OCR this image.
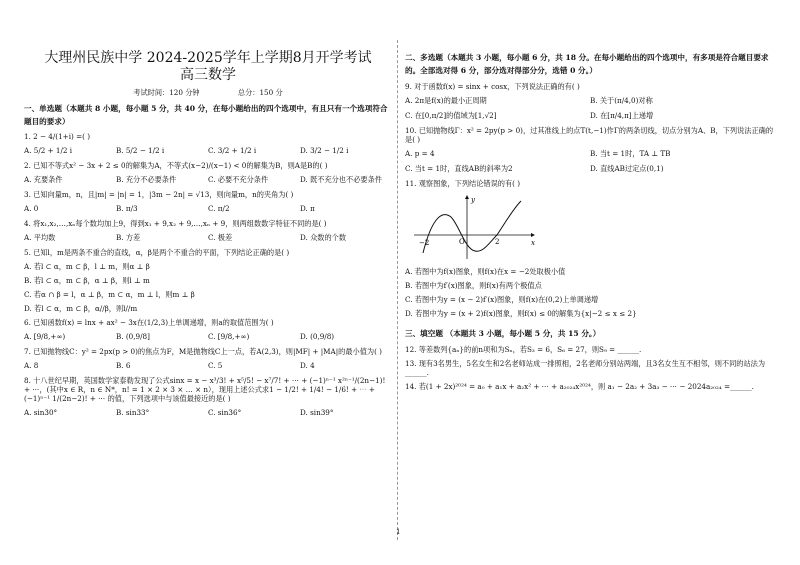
大理州民族中学 2024-2025学年上学期8月开学考试
高三数学
考试时间：120 分钟	总分：150 分
一、单选题（本题共 8 小题，每小题 5 分，共 40 分，在每小题给出的四个选项中，有且只有一个选项符合题目的要求）
1. 2 − 4/(1+i) =( )
A. 5/2 + 1/2 i	B. 5/2 − 1/2 i	C. 3/2 + 1/2 i	D. 3/2 − 1/2 i
2. 已知不等式x² − 3x + 2 ≤ 0的解集为A，不等式(x−2)/(x−1) < 0的解集为B，则A是B的( )
A. 充要条件	B. 充分不必要条件	C. 必要不充分条件	D. 既不充分也不必要条件
3. 已知向量m，n，且|m| = |n| = 1，|3m − 2n| = √13，则向量m，n的夹角为( )
A. 0	B. π/3	C. π/2	D. π
4. 将x₁,x₂,…,xₙ每个数均加上9，得到x₁ + 9,x₂ + 9,…,xₙ + 9，则两组数数字特征不同的是( )
A. 平均数	B. 方差	C. 极差	D. 众数的个数
5. 已知l，m是两条不重合的直线，α，β是两个不重合的平面，下列结论正确的是( )
A. 若l ⊂ α，m ⊂ β，l ⊥ m，则α ⊥ β
B. 若l ⊂ α，m ⊂ β，α ⊥ β，则l ⊥ m
C. 若α ∩ β = l，α ⊥ β，m ⊂ α，m ⊥ l，则m ⊥ β
D. 若l ⊂ α，m ⊂ β，α//β，则l//m
6. 已知函数f(x) = lnx + ax² − 3x在(1/2,3)上单调递增，则a的取值范围为( )
A. [9/8,+∞)	B. (0,9/8]	C. [9/8,+∞)	D. (0,9/8)
7. 已知抛物线C：y² = 2px(p > 0)的焦点为F，M是抛物线C上一点，若A(2,3)，则|MF| + |MA|的最小值为( )
A. 8	B. 6	C. 5	D. 4
8. 十八世纪早期，英国数学家泰勒发现了公式sinx = x − x³/3! + x⁵/5! − x⁷/7! + ⋯ + (−1)ⁿ⁻¹ x²ⁿ⁻¹/(2n−1)! + ⋯，(其中x ∈ R，n ∈ N*，n! = 1 × 2 × 3 × … × n），现用上述公式求1 − 1/2! + 1/4! − 1/6! + ⋯ + (−1)ⁿ⁻¹ 1/(2n−2)! + ⋯ 的值，下列选项中与该值最接近的是( )
A. sin30°	B. sin33°	C. sin36°	D. sin39°
二、多选题（本题共 3 小题，每小题 6 分，共 18 分。在每小题给出的四个选项中，有多项是符合题目要求的。全部选对得 6 分，部分选对得部分分，选错 0 分。）
9. 对于函数f(x) = sinx + cosx，下列说法正确的有( )
A. 2π是f(x)的最小正周期	B. 关于(π/4,0)对称
C. 在[0,π/2]的值域为[1,√2]	D. 在[π/4,π]上递增
10. 已知抛物线Γ：x² = 2py(p > 0)，过其准线上的点T(t,−1)作Γ的两条切线，切点分别为A、B，下列说法正确的是( )
A. p = 4	B. 当t = 1时，TA ⊥ TB
C. 当t = 1时，直线AB的斜率为2	D. 直线AB过定点(0,1)
11. 观察图象，下列结论错误的有( )
−2	O	2	x
y
A. 若图中为f(x)图象，则f(x)在x = −2处取极小值
B. 若图中为f′(x)图象，则f(x)有两个极值点
C. 若图中为y = (x − 2)f′(x)图象，则f(x)在(0,2)上单调递增
D. 若图中为y = (x + 2)f(x)图象，则f(x) ≤ 0的解集为{x|−2 ≤ x ≤ 2}
三、填空题 （本题共 3 小题，每小题 5 分，共 15 分。）
12. 等差数列{aₙ}的前n项和为Sₙ，若S₃ = 6，S₆ = 27，则S₉ = ______.
13. 现有3名男生，5名女生和2名老师站成一排照相，2名老师分别站两端，且3名女生互不相邻，则不同的站法为______.
14. 若(1 + 2x)²⁰²⁴ = a₀ + a₁x + a₂x² + ⋯ + a₂₀₂₄x²⁰²⁴，则 a₁ − 2a₂ + 3a₃ − ⋯ − 2024a₂₀₂₄ =______.
1
